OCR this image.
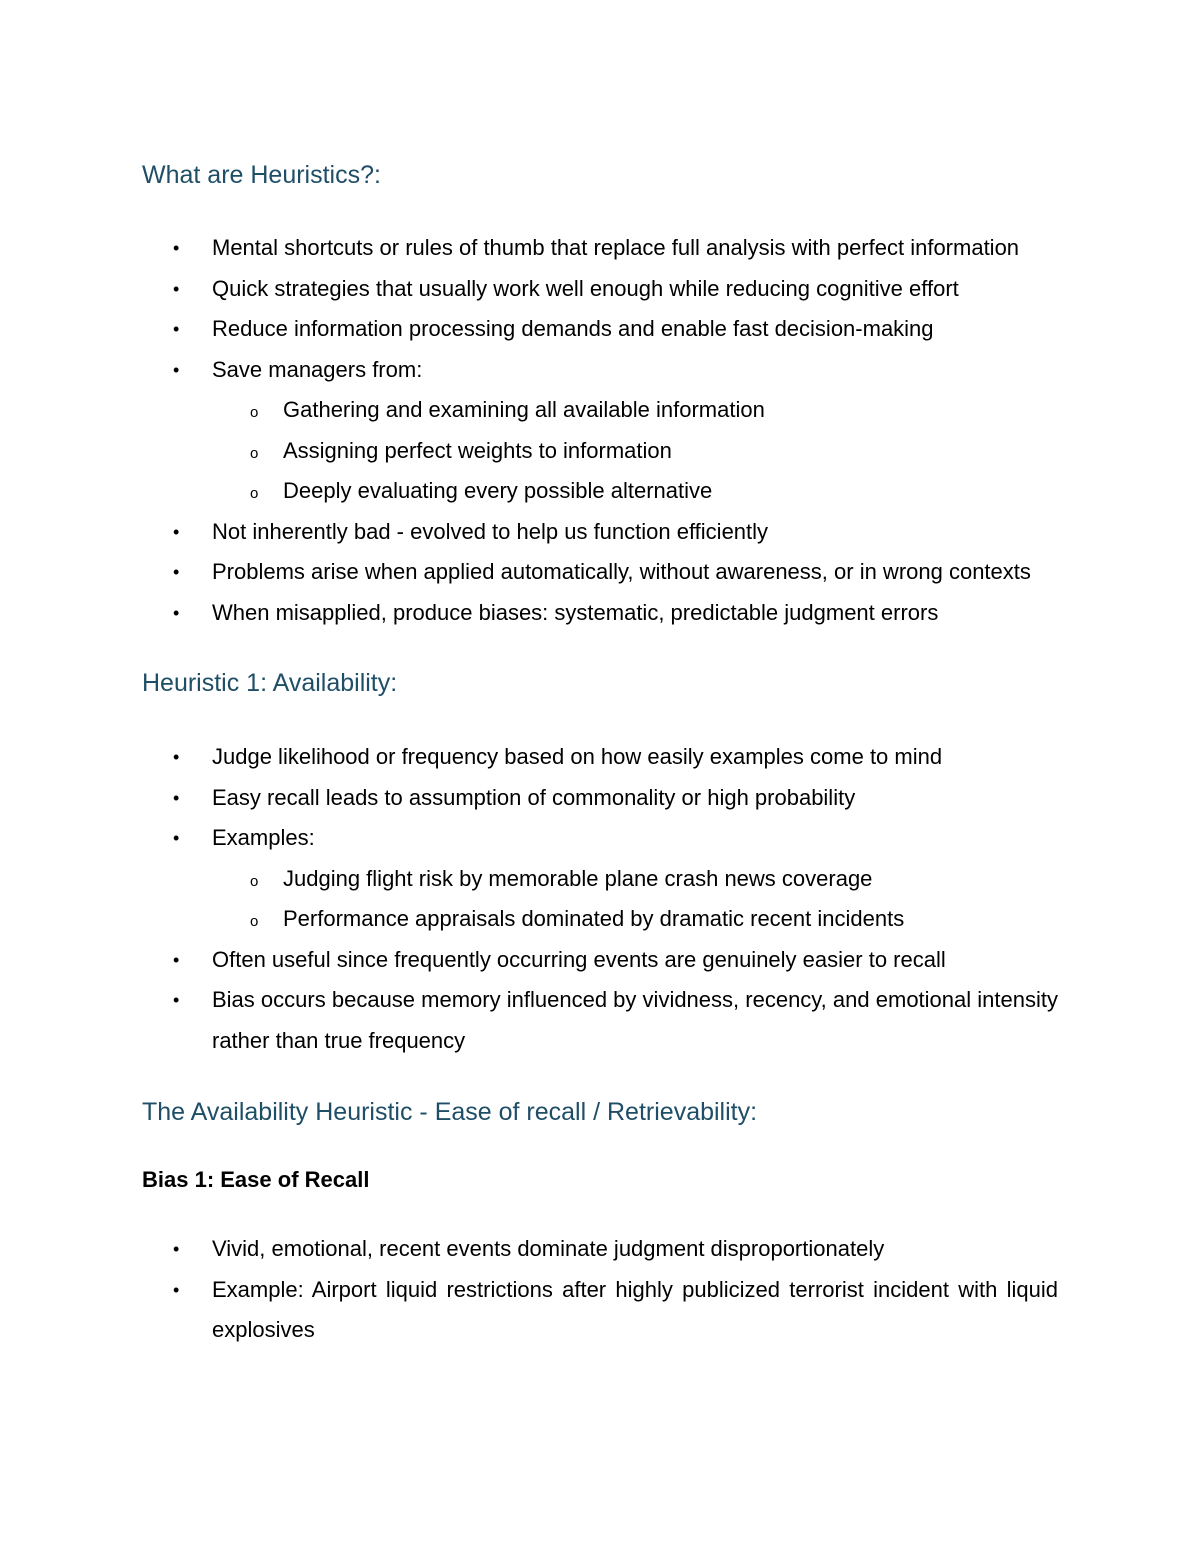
What are Heuristics?:
• Mental shortcuts or rules of thumb that replace full analysis with perfect information
• Quick strategies that usually work well enough while reducing cognitive effort
• Reduce information processing demands and enable fast decision-making
• Save managers from:
o Gathering and examining all available information
o Assigning perfect weights to information
o Deeply evaluating every possible alternative
• Not inherently bad - evolved to help us function efficiently
• Problems arise when applied automatically, without awareness, or in wrong contexts
• When misapplied, produce biases: systematic, predictable judgment errors
Heuristic 1: Availability:
• Judge likelihood or frequency based on how easily examples come to mind
• Easy recall leads to assumption of commonality or high probability
• Examples:
o Judging flight risk by memorable plane crash news coverage
o Performance appraisals dominated by dramatic recent incidents
• Often useful since frequently occurring events are genuinely easier to recall
• Bias occurs because memory influenced by vividness, recency, and emotional intensity rather than true frequency
The Availability Heuristic - Ease of recall / Retrievability:
Bias 1: Ease of Recall
• Vivid, emotional, recent events dominate judgment disproportionately
• Example: Airport liquid restrictions after highly publicized terrorist incident with liquid explosives
